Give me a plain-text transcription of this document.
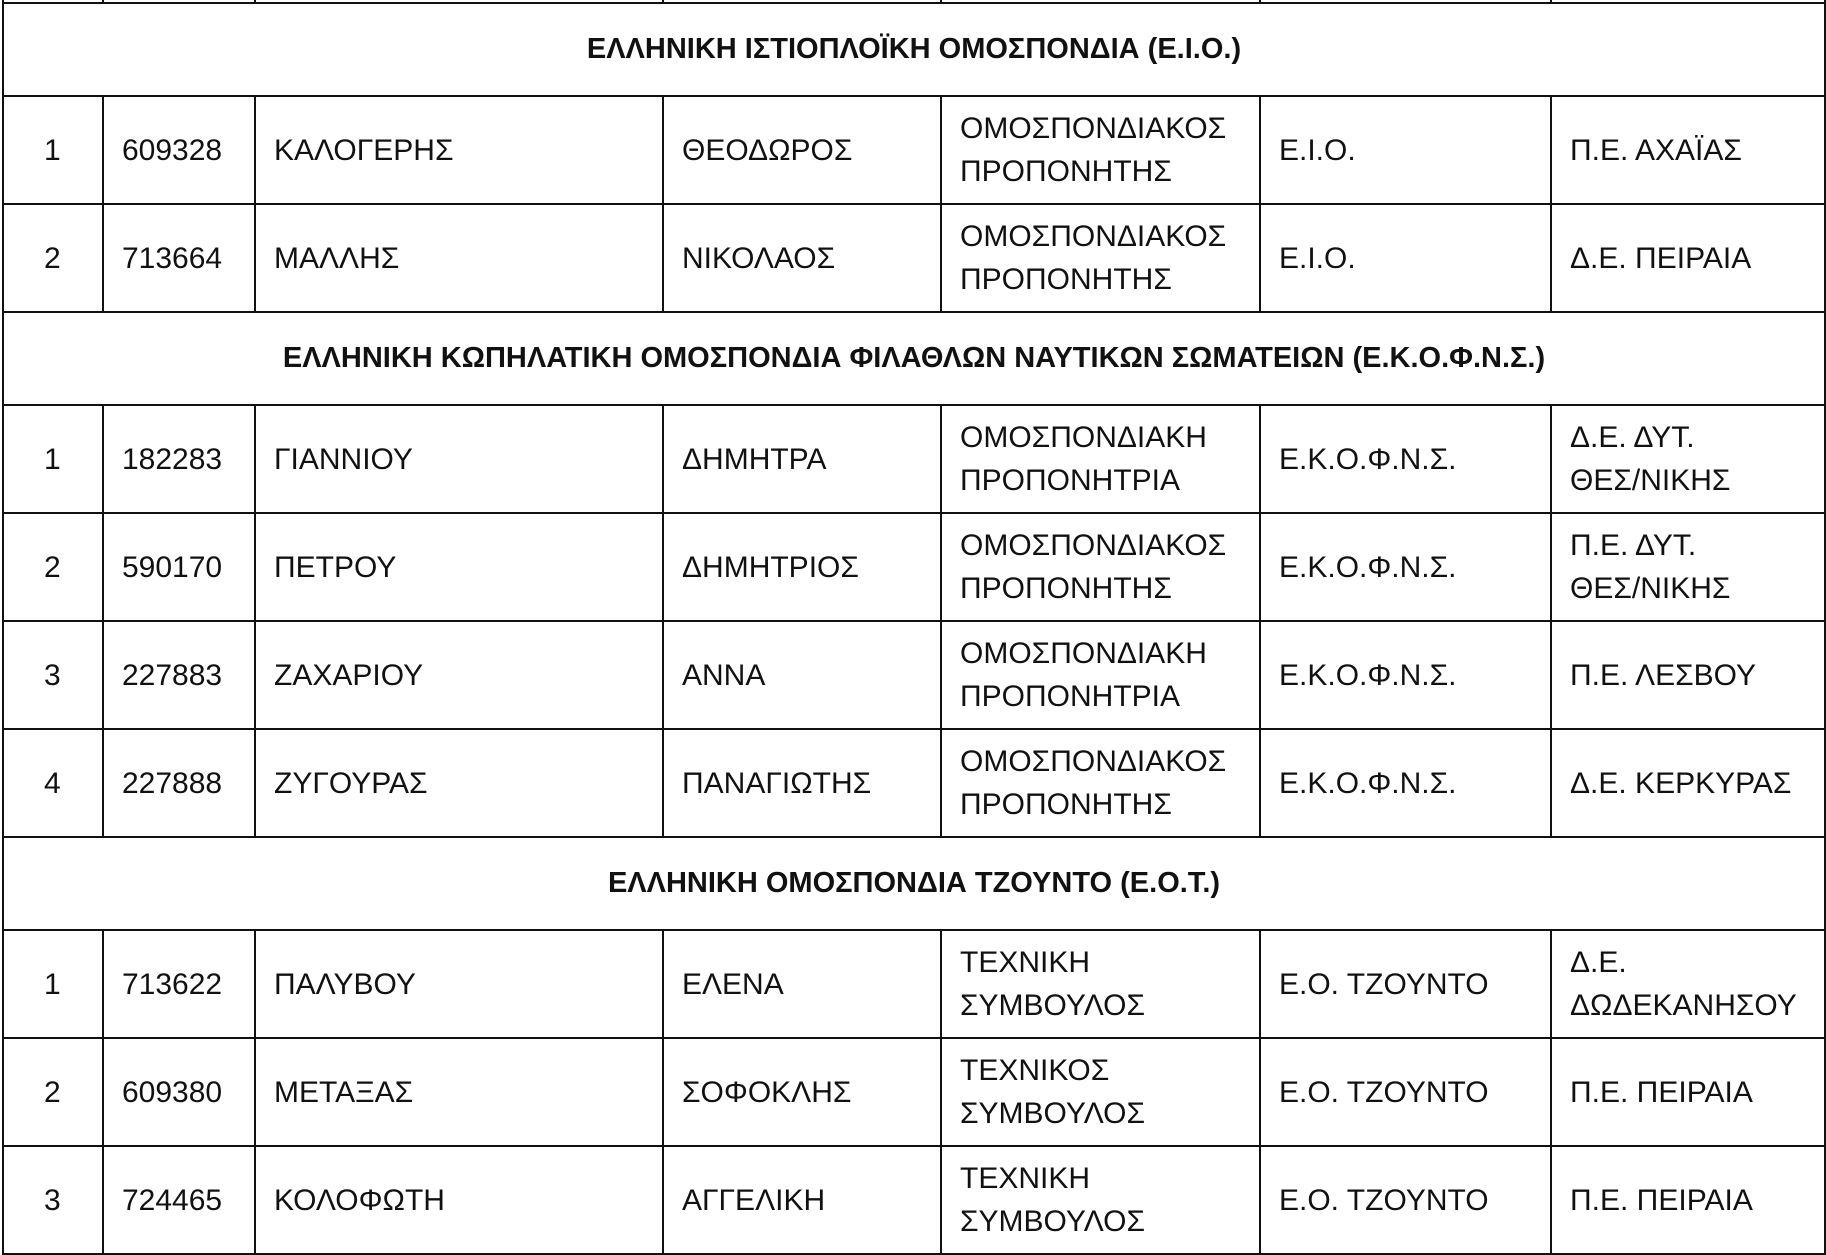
ΕΛΛΗΝΙΚΗ ΙΣΤΙΟΠΛΟΪΚΗ ΟΜΟΣΠΟΝΔΙΑ (Ε.Ι.Ο.)						
1	609328	ΚΑΛΟΓΕΡΗΣ	ΘΕΟΔΩΡΟΣ	ΟΜΟΣΠΟΝΔΙΑΚΟΣ
ΠΡΟΠΟΝΗΤΗΣ	Ε.Ι.Ο.	Π.Ε. ΑΧΑΪΑΣ

2	713664	ΜΑΛΛΗΣ	ΝΙΚΟΛΑΟΣ	ΟΜΟΣΠΟΝΔΙΑΚΟΣ
ΠΡΟΠΟΝΗΤΗΣ	Ε.Ι.Ο.	Δ.Ε. ΠΕΙΡΑΙΑ

ΕΛΛΗΝΙΚΗ ΚΩΠΗΛΑΤΙΚΗ ΟΜΟΣΠΟΝΔΙΑ ΦΙΛΑΘΛΩΝ ΝΑΥΤΙΚΩΝ ΣΩΜΑΤΕΙΩΝ (Ε.Κ.Ο.Φ.Ν.Σ.)						
1	182283	ΓΙΑΝΝΙΟΥ	ΔΗΜΗΤΡΑ	ΟΜΟΣΠΟΝΔΙΑΚΗ
ΠΡΟΠΟΝΗΤΡΙΑ	Ε.Κ.Ο.Φ.Ν.Σ.	Δ.Ε. ΔΥΤ.
ΘΕΣ/ΝΙΚΗΣ

2	590170	ΠΕΤΡΟΥ	ΔΗΜΗΤΡΙΟΣ	ΟΜΟΣΠΟΝΔΙΑΚΟΣ
ΠΡΟΠΟΝΗΤΗΣ	Ε.Κ.Ο.Φ.Ν.Σ.	Π.Ε. ΔΥΤ.
ΘΕΣ/ΝΙΚΗΣ

3	227883	ΖΑΧΑΡΙΟΥ	ΑΝΝΑ	ΟΜΟΣΠΟΝΔΙΑΚΗ
ΠΡΟΠΟΝΗΤΡΙΑ	Ε.Κ.Ο.Φ.Ν.Σ.	Π.Ε. ΛΕΣΒΟΥ

4	227888	ΖΥΓΟΥΡΑΣ	ΠΑΝΑΓΙΩΤΗΣ	ΟΜΟΣΠΟΝΔΙΑΚΟΣ
ΠΡΟΠΟΝΗΤΗΣ	Ε.Κ.Ο.Φ.Ν.Σ.	Δ.Ε. ΚΕΡΚΥΡΑΣ

ΕΛΛΗΝΙΚΗ ΟΜΟΣΠΟΝΔΙΑ ΤΖΟΥΝΤΟ (Ε.Ο.Τ.)						
1	713622	ΠΑΛΥΒΟΥ	ΕΛΕΝΑ	ΤΕΧΝΙΚΗ
ΣΥΜΒΟΥΛΟΣ	Ε.Ο. ΤΖΟΥΝΤΟ	Δ.Ε.
ΔΩΔΕΚΑΝΗΣΟΥ

2	609380	ΜΕΤΑΞΑΣ	ΣΟΦΟΚΛΗΣ	ΤΕΧΝΙΚΟΣ
ΣΥΜΒΟΥΛΟΣ	Ε.Ο. ΤΖΟΥΝΤΟ	Π.Ε. ΠΕΙΡΑΙΑ

3	724465	ΚΟΛΟΦΩΤΗ	ΑΓΓΕΛΙΚΗ	ΤΕΧΝΙΚΗ
ΣΥΜΒΟΥΛΟΣ	Ε.Ο. ΤΖΟΥΝΤΟ	Π.Ε. ΠΕΙΡΑΙΑ
